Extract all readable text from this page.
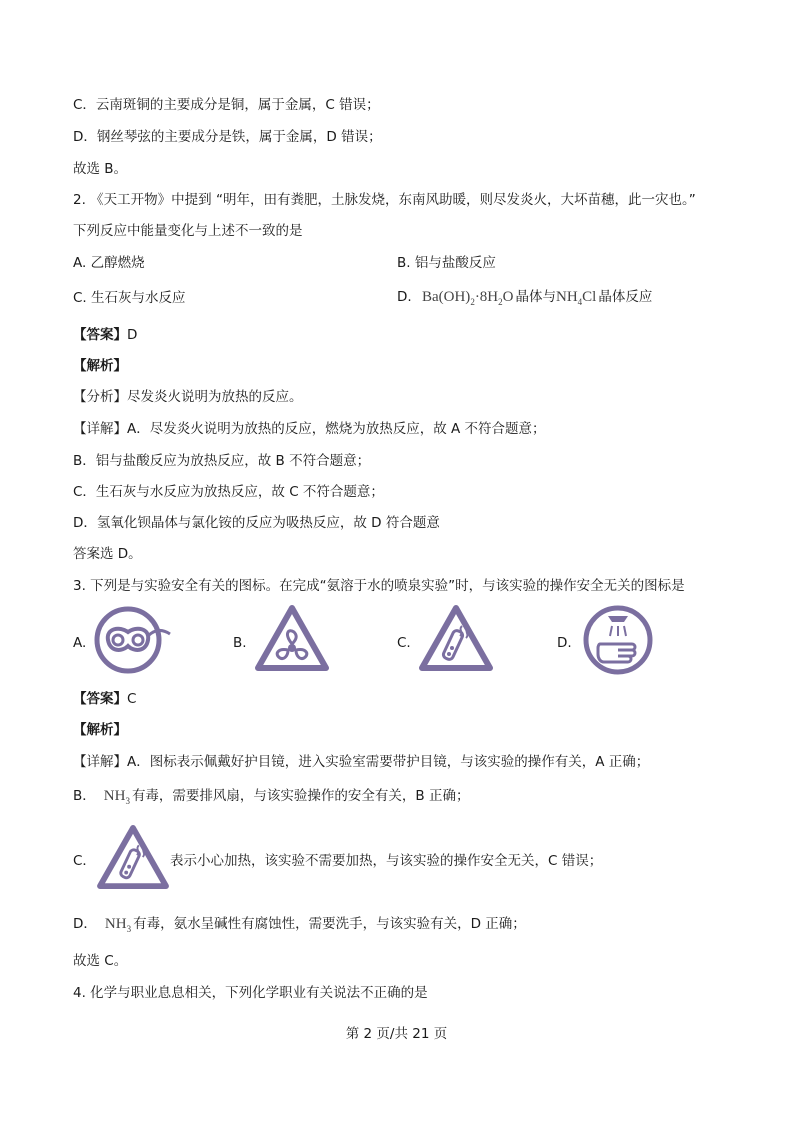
C．云南斑铜的主要成分是铜，属于金属，C 错误；
D．钢丝琴弦的主要成分是铁，属于金属，D 错误；
故选 B。
2. 《天工开物》中提到 “明年，田有粪肥，土脉发烧，东南风助暖，则尽发炎火，大坏苗穗，此一灾也。”
下列反应中能量变化与上述不一致的是
A. 乙醇燃烧	B. 铝与盐酸反应
C. 生石灰与水反应	D. $Ba(OH)_2\cdot 8H_2O$ 晶体与$NH_4Cl$ 晶体反应
【答案】D
【解析】
【分析】尽发炎火说明为放热的反应。
【详解】A．尽发炎火说明为放热的反应，燃烧为放热反应，故 A 不符合题意；
B．铝与盐酸反应为放热反应，故 B 不符合题意；
C．生石灰与水反应为放热反应，故 C 不符合题意；
D．氢氧化钡晶体与氯化铵的反应为吸热反应，故 D 符合题意
答案选 D。
3. 下列是与实验安全有关的图标。在完成“氨溶于水的喷泉实验”时，与该实验的操作安全无关的图标是
A.	B.	C.	D.
【答案】C
【解析】
【详解】A．图标表示佩戴好护目镜，进入实验室需要带护目镜，与该实验的操作有关，A 正确；
B． $NH_3$ 有毒，需要排风扇，与该实验操作的安全有关，B 正确；
C．	表示小心加热，该实验不需要加热，与该实验的操作安全无关，C 错误；
D． $NH_3$ 有毒，氨水呈碱性有腐蚀性，需要洗手，与该实验有关，D 正确；
故选 C。
4. 化学与职业息息相关，下列化学职业有关说法不正确的是
第 2 页/共 21 页
